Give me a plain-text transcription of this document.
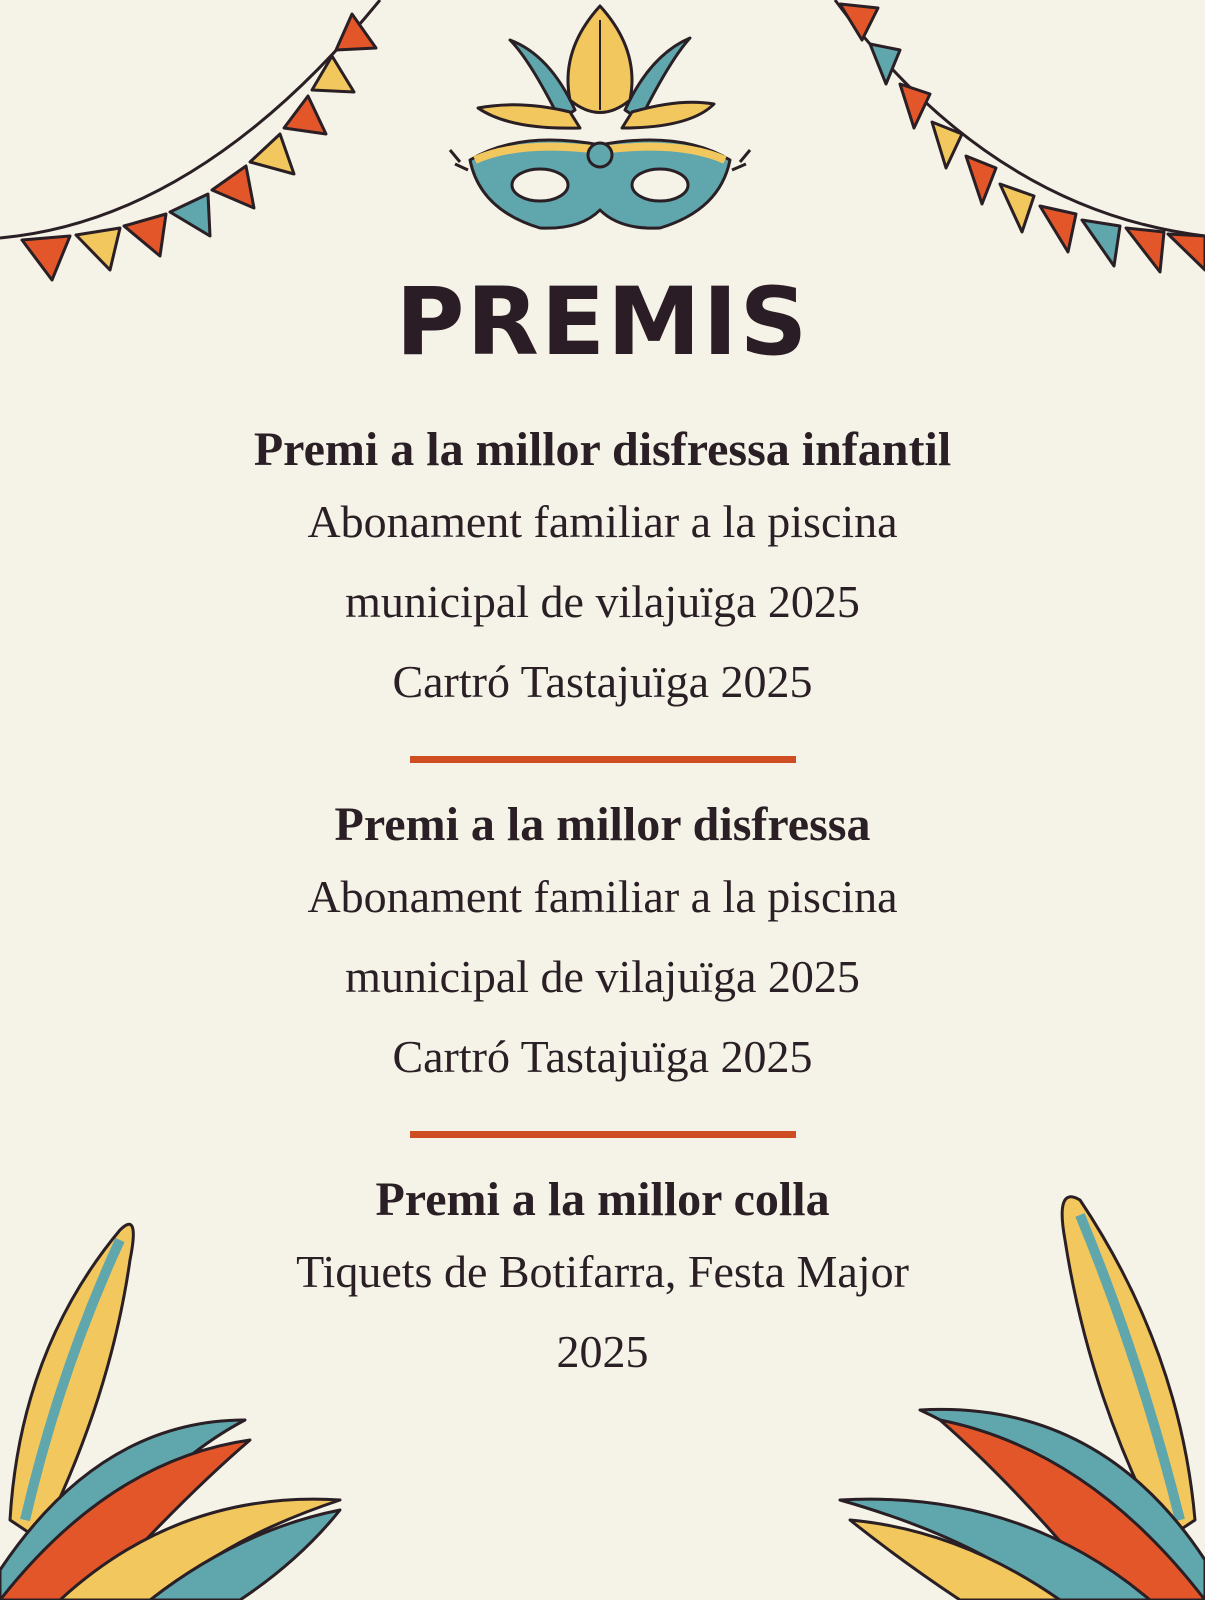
PREMIS
Premi a la millor disfressa infantil

Abonament familiar a la piscina

municipal de vilajuïga 2025

Cartró Tastajuïga 2025

Premi a la millor disfressa

Abonament familiar a la piscina

municipal de vilajuïga 2025

Cartró Tastajuïga 2025

Premi a la millor colla

Tiquets de Botifarra, Festa Major

2025
